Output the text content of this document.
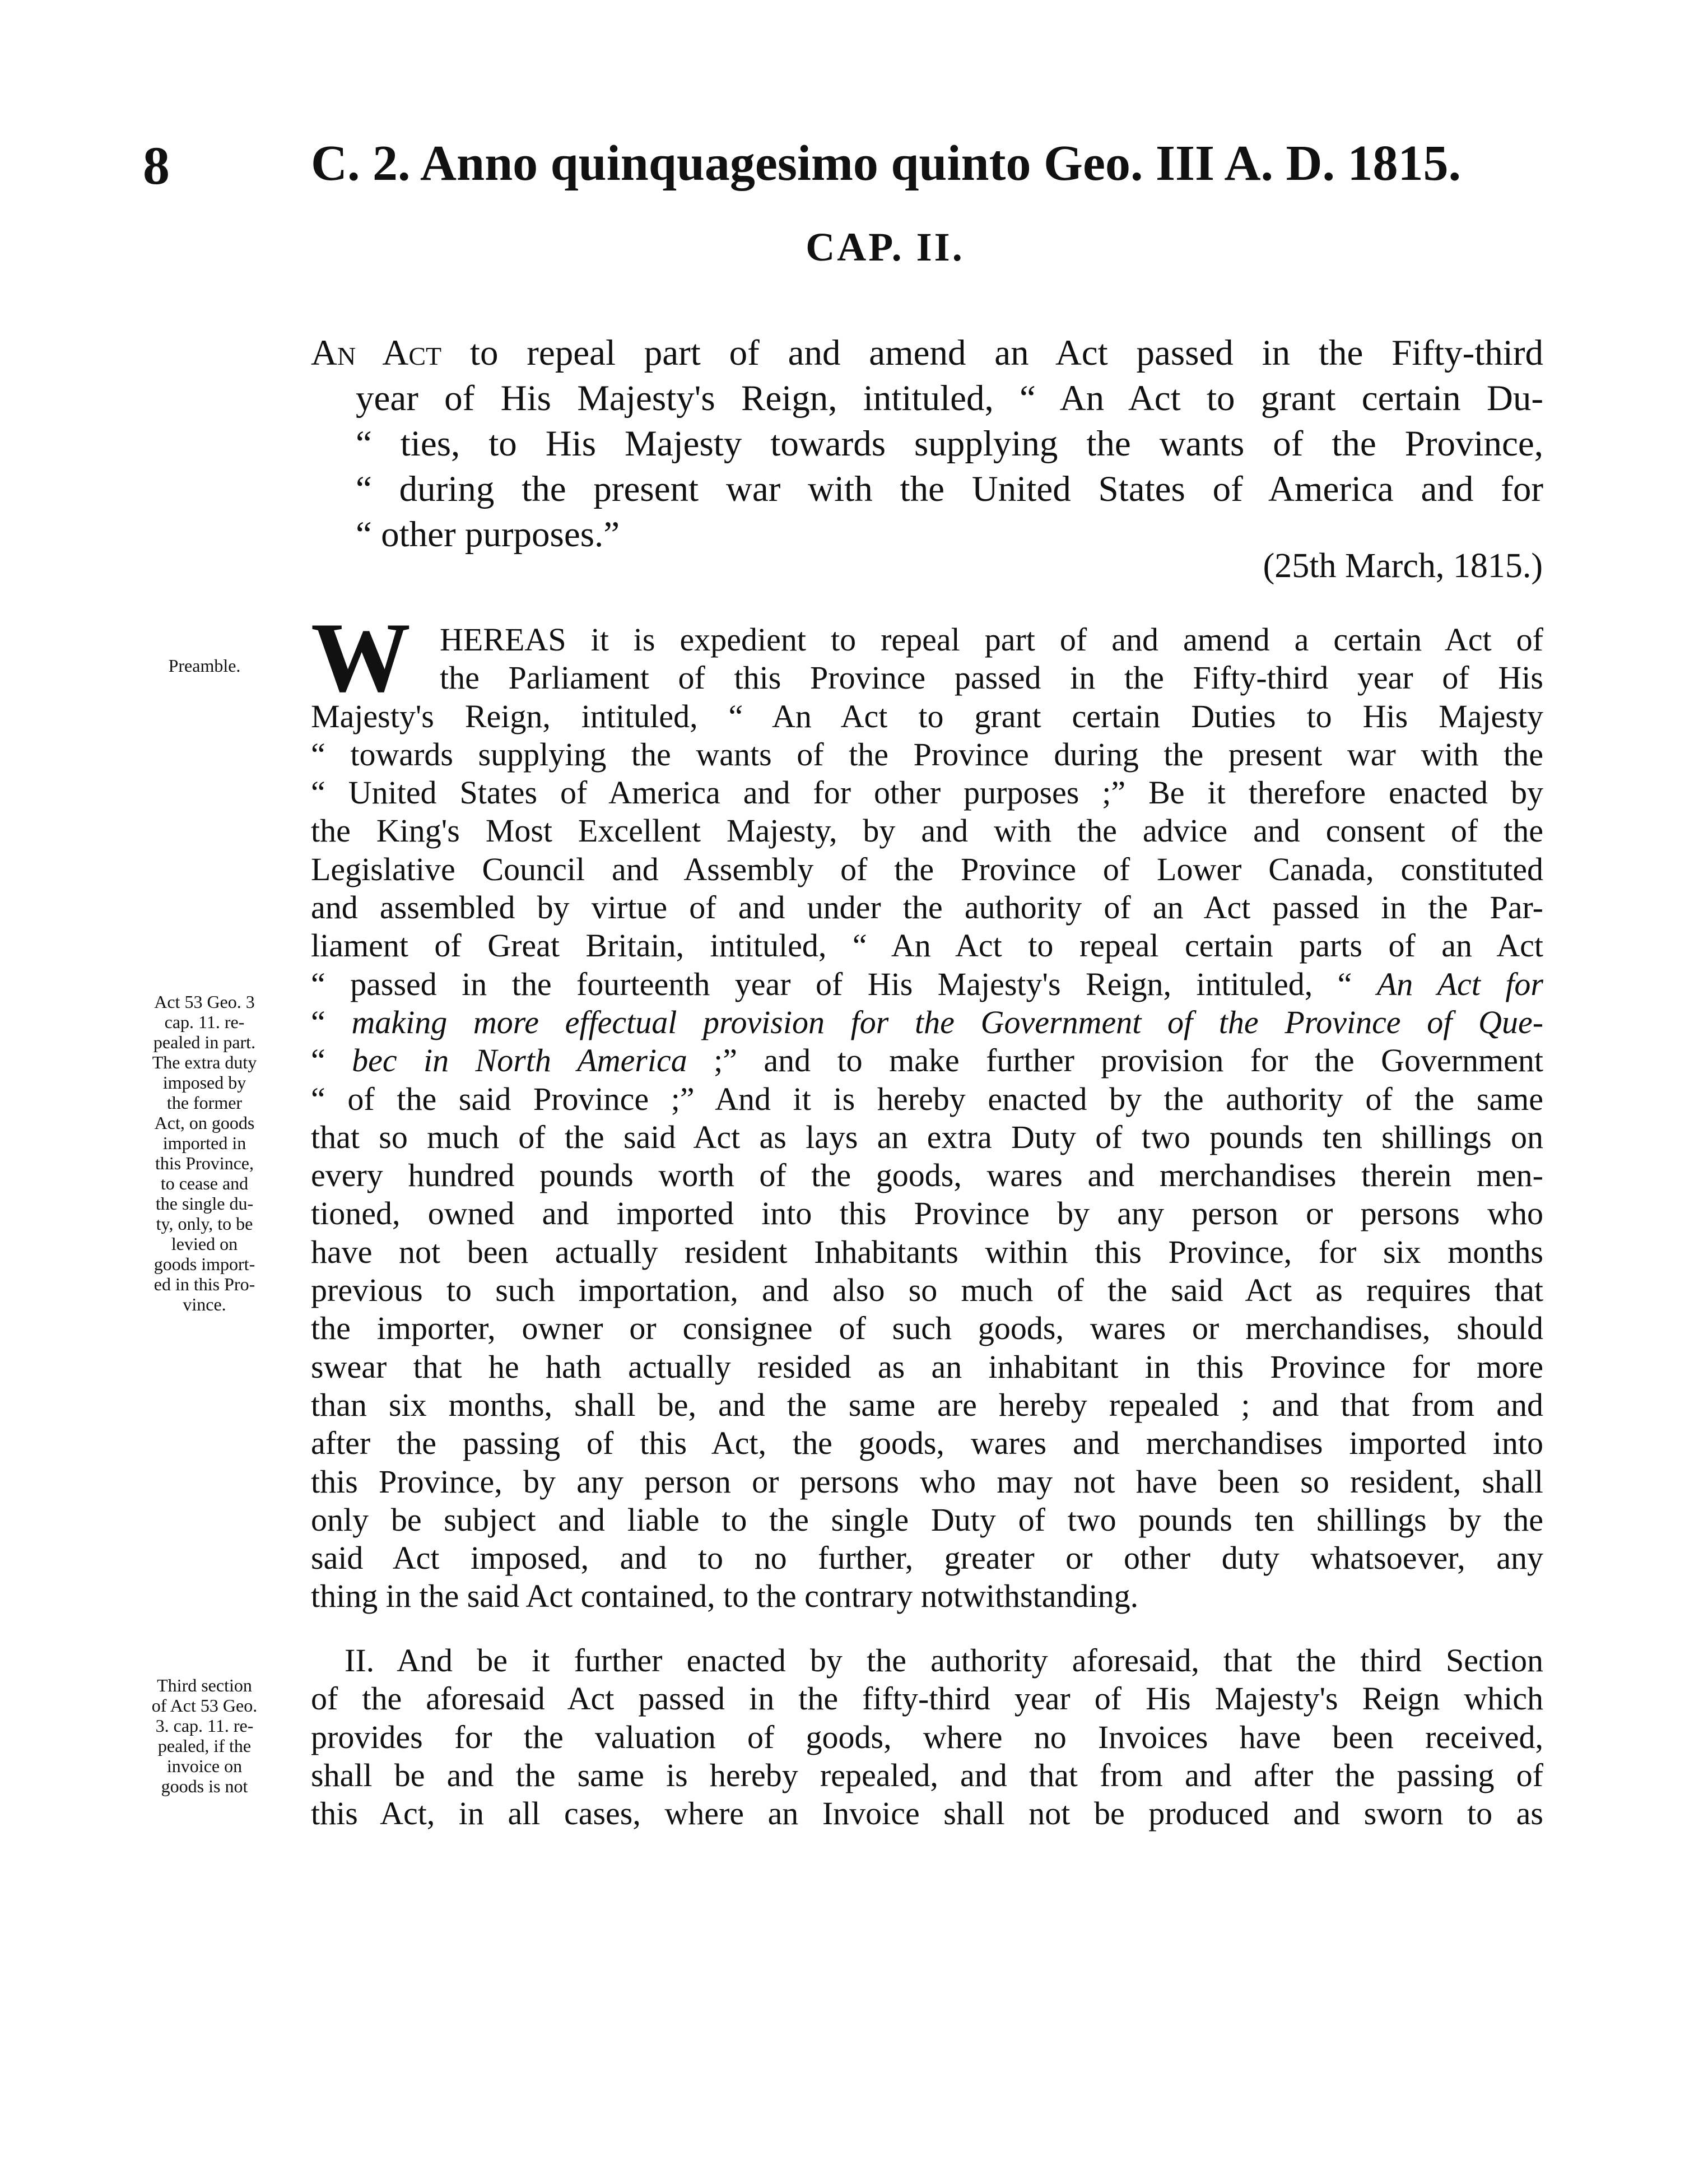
8	C. 2. Anno quinquagesimo quinto Geo. III A. D. 1815.
CAP. II.
An Act to repeal part of and amend an Act passed in the Fifty-third
year of His Majesty's Reign, intituled, “ An Act to grant certain Du-
“ ties, to His Majesty towards supplying the wants of the Province,
“ during the present war with the United States of America and for
“ other purposes.”
(25th March, 1815.)
W HEREAS it is expedient to repeal part of and amend a certain Act of
the Parliament of this Province passed in the Fifty-third year of His
Majesty's Reign, intituled, “ An Act to grant certain Duties to His Majesty
“ towards supplying the wants of the Province during the present war with the
“ United States of America and for other purposes ;” Be it therefore enacted by
the King's Most Excellent Majesty, by and with the advice and consent of the
Legislative Council and Assembly of the Province of Lower Canada, constituted
and assembled by virtue of and under the authority of an Act passed in the Par-
liament of Great Britain, intituled, “ An Act to repeal certain parts of an Act
“ passed in the fourteenth year of His Majesty's Reign, intituled, “ An Act for
“ making more effectual provision for the Government of the Province of Que-
“ bec in North America ;” and to make further provision for the Government
“ of the said Province ;” And it is hereby enacted by the authority of the same
that so much of the said Act as lays an extra Duty of two pounds ten shillings on
every hundred pounds worth of the goods, wares and merchandises therein men-
tioned, owned and imported into this Province by any person or persons who
have not been actually resident Inhabitants within this Province, for six months
previous to such importation, and also so much of the said Act as requires that
the importer, owner or consignee of such goods, wares or merchandises, should
swear that he hath actually resided as an inhabitant in this Province for more
than six months, shall be, and the same are hereby repealed ; and that from and
after the passing of this Act, the goods, wares and merchandises imported into
this Province, by any person or persons who may not have been so resident, shall
only be subject and liable to the single Duty of two pounds ten shillings by the
said Act imposed, and to no further, greater or other duty whatsoever, any
thing in the said Act contained, to the contrary notwithstanding.
II. And be it further enacted by the authority aforesaid, that the third Section
of the aforesaid Act passed in the fifty-third year of His Majesty's Reign which
provides for the valuation of goods, where no Invoices have been received,
shall be and the same is hereby repealed, and that from and after the passing of
this Act, in all cases, where an Invoice shall not be produced and sworn to as
Preamble.
Act 53 Geo. 3
cap. 11. re-
pealed in part.
The extra duty
imposed by
the former
Act, on goods
imported in
this Province,
to cease and
the single du-
ty, only, to be
levied on
goods import-
ed in this Pro-
vince.
Third section
of Act 53 Geo.
3. cap. 11. re-
pealed, if the
invoice on
goods is not
